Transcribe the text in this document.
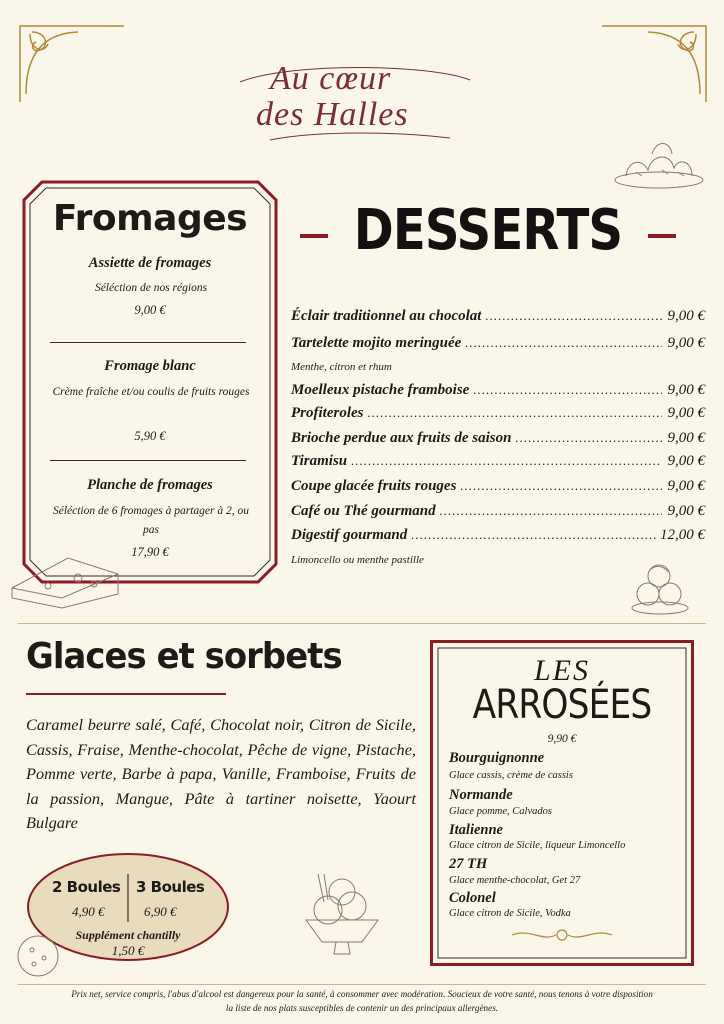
Au cœur
des Halles
Fromages
Assiette de fromages
Séléction de nos régions
9,00 €
Fromage blanc
Crème fraîche et/ou coulis de fruits rouges
5,90 €
Planche de fromages
Séléction de 6 fromages à partager à 2, ou pas
17,90 €
DESSERTS
Éclair traditionnel au chocolat .....	9,00 €
Tartelette mojito meringuée .....	9,00 €
Menthe, citron et rhum
Moelleux pistache framboise .....	9,00 €
Profiteroles .....	9,00 €
Brioche perdue aux fruits de saison .....	9,00 €
Tiramisu .....	9,00 €
Coupe glacée fruits rouges .....	9,00 €
Café ou Thé gourmand .....	9,00 €
Digestif gourmand .....	12,00 €
Limoncello ou menthe pastille
Glaces et sorbets
Caramel beurre salé, Café, Chocolat noir, Citron de Sicile, Cassis, Fraise, Menthe-chocolat, Pêche de vigne, Pistache, Pomme verte, Barbe à papa, Vanille, Framboise, Fruits de la passion, Mangue, Pâte à tartiner noisette, Yaourt Bulgare
2 Boules
4,90 €
3 Boules
6,90 €
Supplément chantilly
1,50 €
LES
ARROSÉES
9,90 €
Bourguignonne
Glace cassis, crème de cassis
Normande
Glace pomme, Calvados
Italienne
Glace citron de Sicile, liqueur Limoncello
27 TH
Glace menthe-chocolat, Get 27
Colonel
Glace citron de Sicile, Vodka
Prix net, service compris, l'abus d'alcool est dangereux pour la santé, à consommer avec modération. Soucieux de votre santé, nous tenons à votre disposition
la liste de nos plats susceptibles de contenir un des principaux allergènes.
